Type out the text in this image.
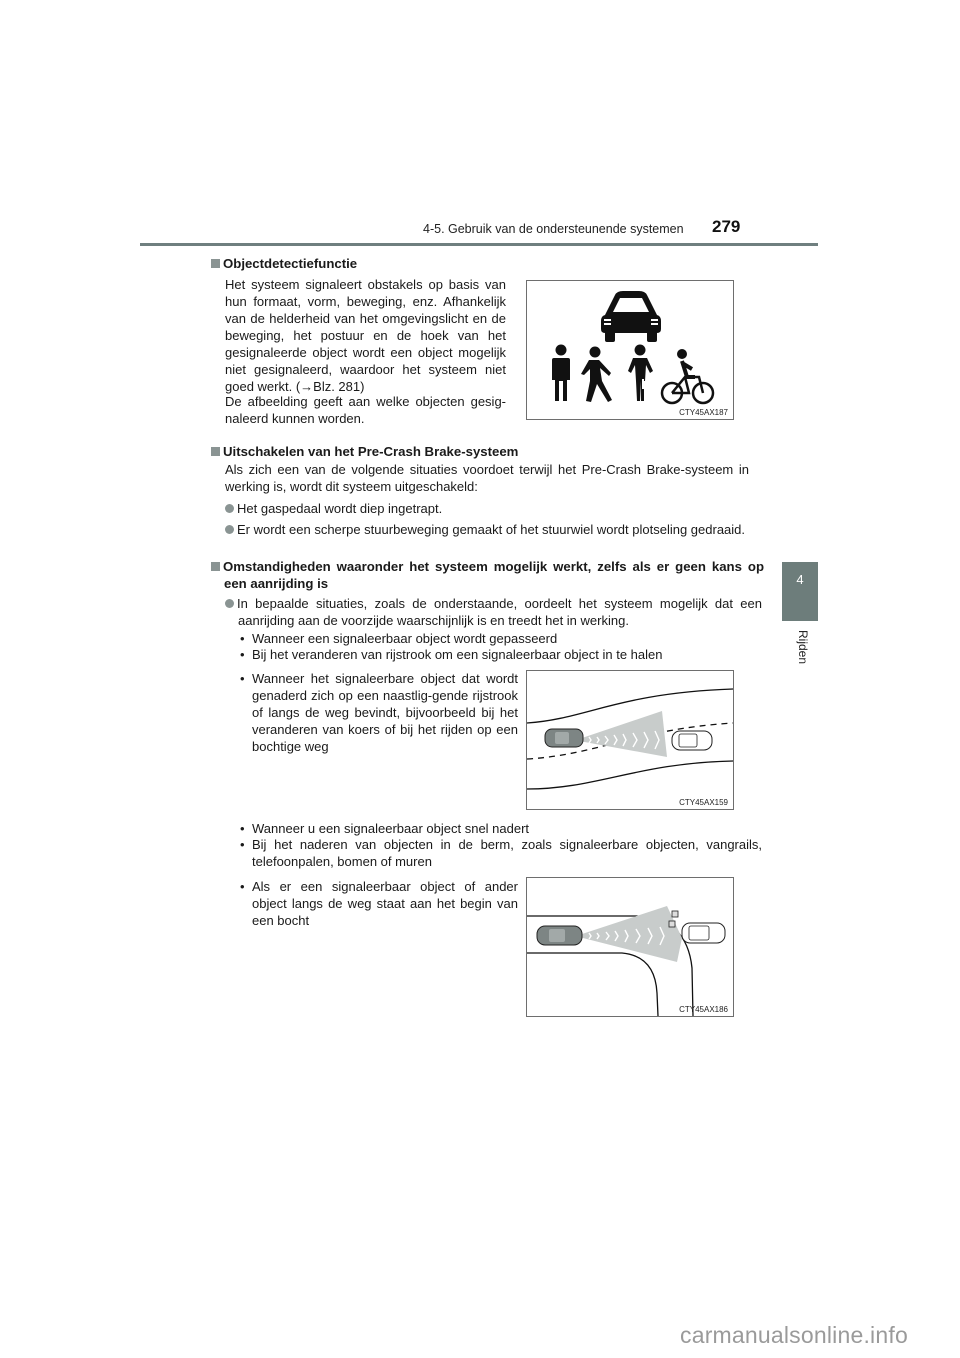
4-5. Gebruik van de ondersteunende systemen 279
4
Rijden
Objectdetectiefunctie
Het systeem signaleert obstakels op basis van hun formaat, vorm, beweging, enz. Afhankelijk van de helderheid van het omgevingslicht en de beweging, het postuur en de hoek van het gesignaleerde object wordt een object mogelijk niet gesignaleerd, waardoor het systeem niet goed werkt. (→Blz. 281)
De afbeelding geeft aan welke objecten gesig-naleerd kunnen worden.	CTY45AX187
Uitschakelen van het Pre-Crash Brake-systeem
Als zich een van de volgende situaties voordoet terwijl het Pre-Crash Brake-systeem in werking is, wordt dit systeem uitgeschakeld:
Het gaspedaal wordt diep ingetrapt.
Er wordt een scherpe stuurbeweging gemaakt of het stuurwiel wordt plotseling gedraaid.
Omstandigheden waaronder het systeem mogelijk werkt, zelfs als er geen kans op een aanrijding is
In bepaalde situaties, zoals de onderstaande, oordeelt het systeem mogelijk dat een aanrijding aan de voorzijde waarschijnlijk is en treedt het in werking.
• Wanneer een signaleerbaar object wordt gepasseerd
• Bij het veranderen van rijstrook om een signaleerbaar object in te halen
• Wanneer het signaleerbare object dat wordt genaderd zich op een naastlig-gende rijstrook of langs de weg bevindt, bijvoorbeeld bij het veranderen van koers of bij het rijden op een bochtige weg
CTY45AX159
• Wanneer u een signaleerbaar object snel nadert
• Bij het naderen van objecten in de berm, zoals signaleerbare objecten, vangrails, telefoonpalen, bomen of muren
• Als er een signaleerbaar object of ander object langs de weg staat aan het begin van een bocht
CTY45AX186
carmanualsonline.info
